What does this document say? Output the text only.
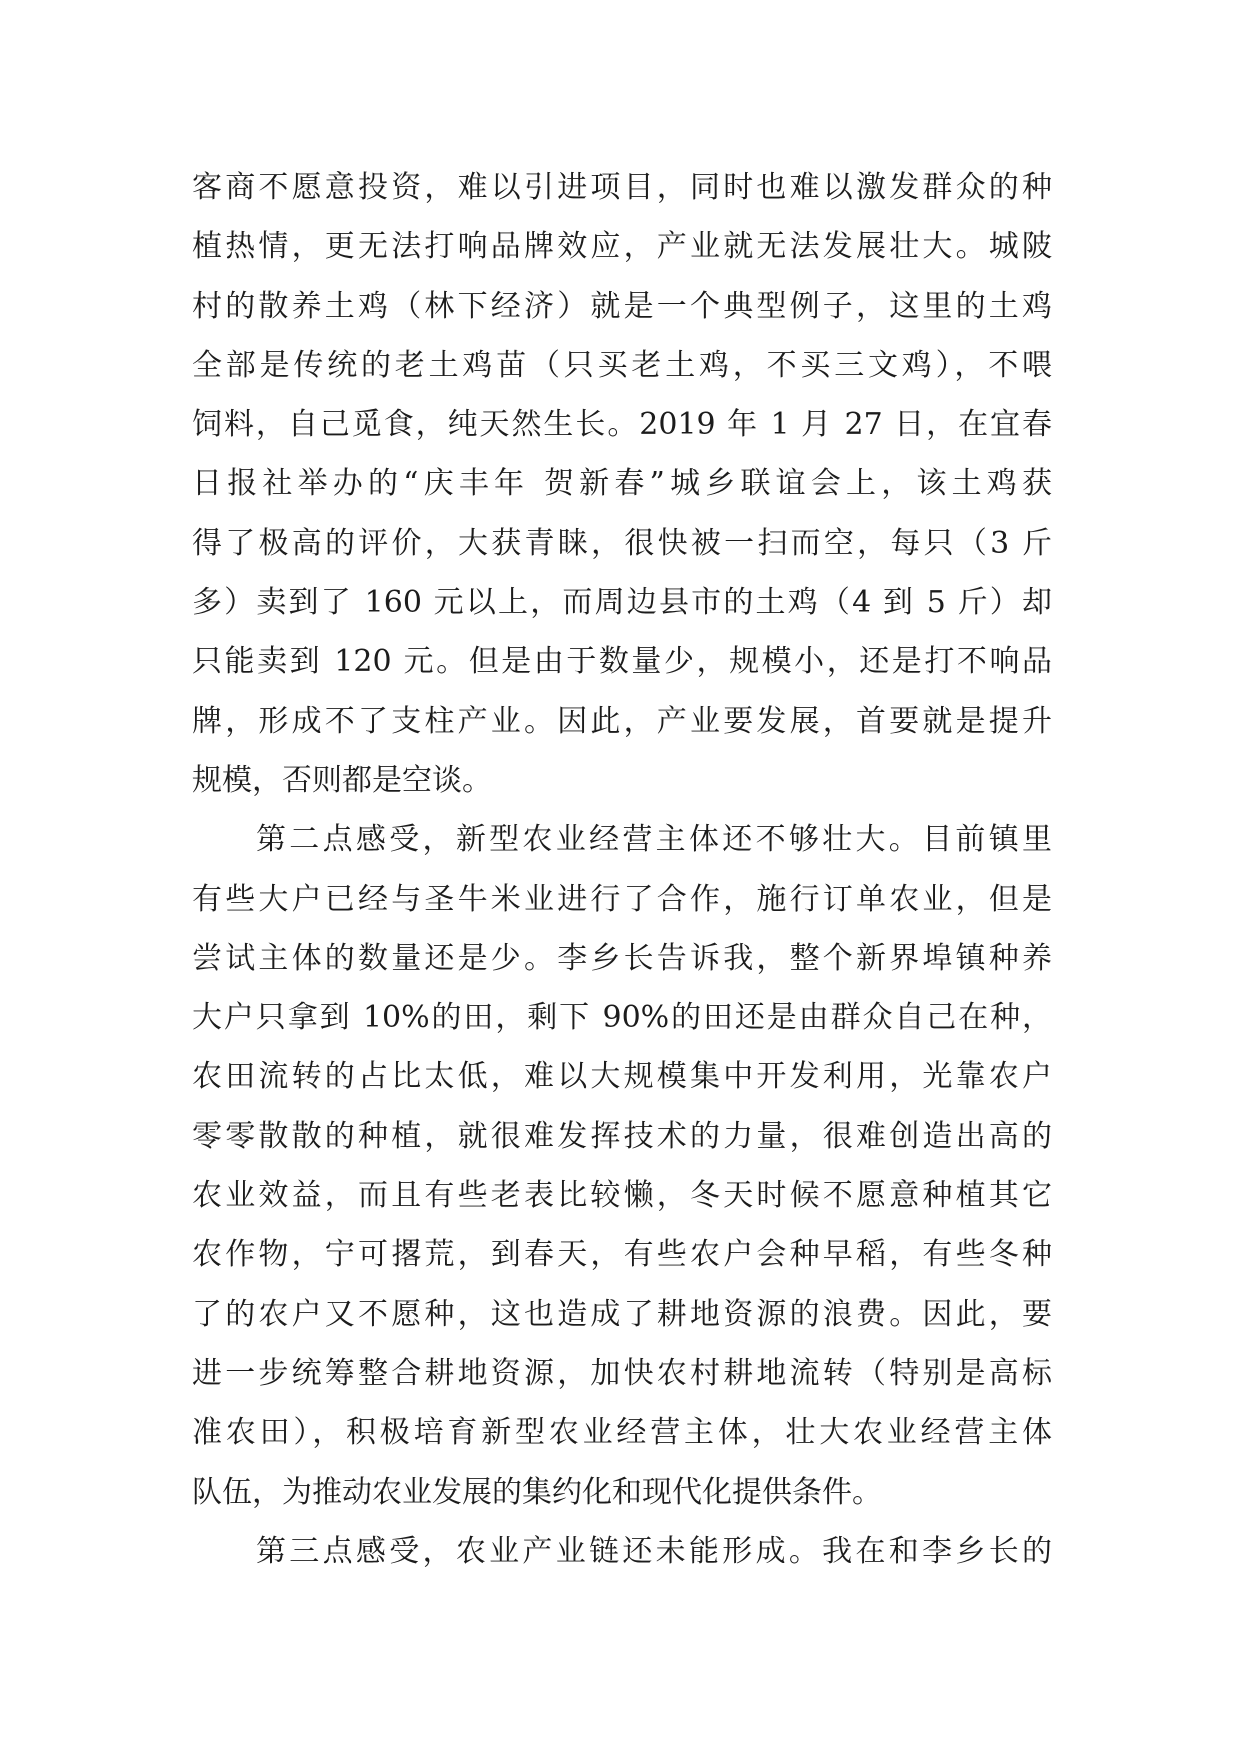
客商不愿意投资，难以引进项目，同时也难以激发群众的种
植热情，更无法打响品牌效应，产业就无法发展壮大。城陂
村的散养土鸡（林下经济）就是一个典型例子，这里的土鸡
全部是传统的老土鸡苗（只买老土鸡，不买三文鸡），不喂
饲料，自己觅食，纯天然生长。2019 年 1 月 27 日，在宜春
日报社举办的“庆丰年 贺新春”城乡联谊会上，该土鸡获
得了极高的评价，大获青睐，很快被一扫而空，每只（3 斤
多）卖到了 160 元以上，而周边县市的土鸡（4 到 5 斤）却
只能卖到 120 元。但是由于数量少，规模小，还是打不响品
牌，形成不了支柱产业。因此，产业要发展，首要就是提升
规模，否则都是空谈。
第二点感受，新型农业经营主体还不够壮大。目前镇里
有些大户已经与圣牛米业进行了合作，施行订单农业，但是
尝试主体的数量还是少。李乡长告诉我，整个新界埠镇种养
大户只拿到 10%的田，剩下 90%的田还是由群众自己在种，
农田流转的占比太低，难以大规模集中开发利用，光靠农户
零零散散的种植，就很难发挥技术的力量，很难创造出高的
农业效益，而且有些老表比较懒，冬天时候不愿意种植其它
农作物，宁可撂荒，到春天，有些农户会种早稻，有些冬种
了的农户又不愿种，这也造成了耕地资源的浪费。因此，要
进一步统筹整合耕地资源，加快农村耕地流转（特别是高标
准农田），积极培育新型农业经营主体，壮大农业经营主体
队伍，为推动农业发展的集约化和现代化提供条件。
第三点感受，农业产业链还未能形成。我在和李乡长的
